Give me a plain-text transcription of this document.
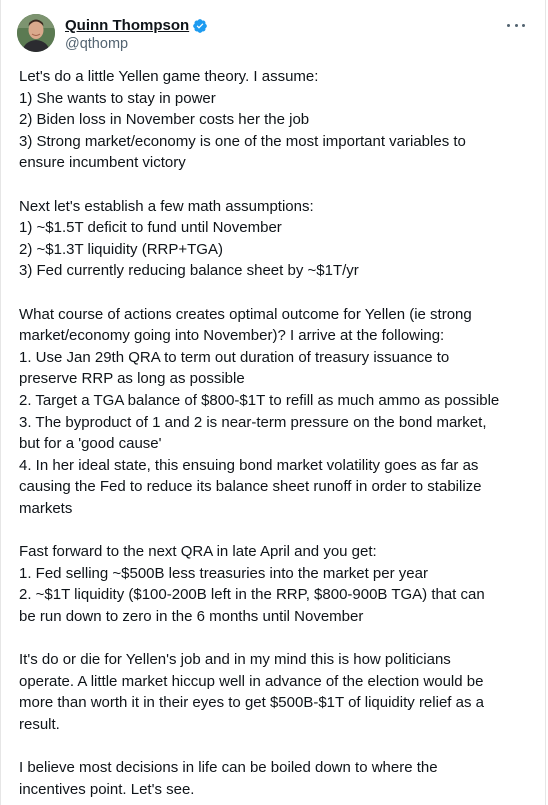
Quinn Thompson
@qthomp

Let's do a little Yellen game theory. I assume:
1) She wants to stay in power
2) Biden loss in November costs her the job
3) Strong market/economy is one of the most important variables to
ensure incumbent victory

Next let's establish a few math assumptions:
1) ~$1.5T deficit to fund until November
2) ~$1.3T liquidity (RRP+TGA)
3) Fed currently reducing balance sheet by ~$1T/yr

What course of actions creates optimal outcome for Yellen (ie strong
market/economy going into November)? I arrive at the following:
1. Use Jan 29th QRA to term out duration of treasury issuance to
preserve RRP as long as possible
2. Target a TGA balance of $800-$1T to refill as much ammo as possible
3. The byproduct of 1 and 2 is near-term pressure on the bond market,
but for a 'good cause'
4. In her ideal state, this ensuing bond market volatility goes as far as
causing the Fed to reduce its balance sheet runoff in order to stabilize
markets

Fast forward to the next QRA in late April and you get:
1. Fed selling ~$500B less treasuries into the market per year
2. ~$1T liquidity ($100-200B left in the RRP, $800-900B TGA) that can
be run down to zero in the 6 months until November

It's do or die for Yellen's job and in my mind this is how politicians
operate. A little market hiccup well in advance of the election would be
more than worth it in their eyes to get $500B-$1T of liquidity relief as a
result.

I believe most decisions in life can be boiled down to where the
incentives point. Let's see.
